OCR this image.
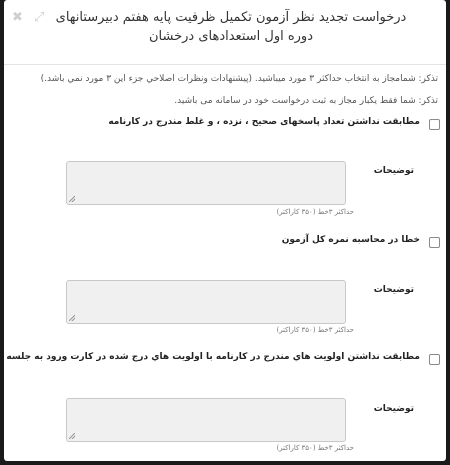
✖ ⤢ درخواست تجدید نظر آزمون تکمیل ظرفیت پایه هفتم دبیرستانهای دوره اول استعدادهای درخشان
تذکر: شمامجاز به انتخاب حداکثر ۳ مورد میباشید. (پیشنهادات ونظرات اصلاحي جزء اين ۳ مورد نمي باشد.)
تذکر: شما فقط یکبار مجاز به ثبت درخواست خود در سامانه می باشید.
مطابقت نداشتن تعداد پاسخهای صحیح ، نزده ، و غلط مندرج در کارنامه
توضیحات
حداکثر ۳خط (۳۵۰ کاراکتر)
خطا در محاسبه نمره کل آزمون
توضیحات
حداکثر ۳خط (۳۵۰ کاراکتر)
مطابقت نداشتن اولويت هاي مندرج در كارنامه با اولويت هاي درج شده در كارت ورود به جلسه
توضیحات
حداکثر ۳خط (۳۵۰ کاراکتر)
